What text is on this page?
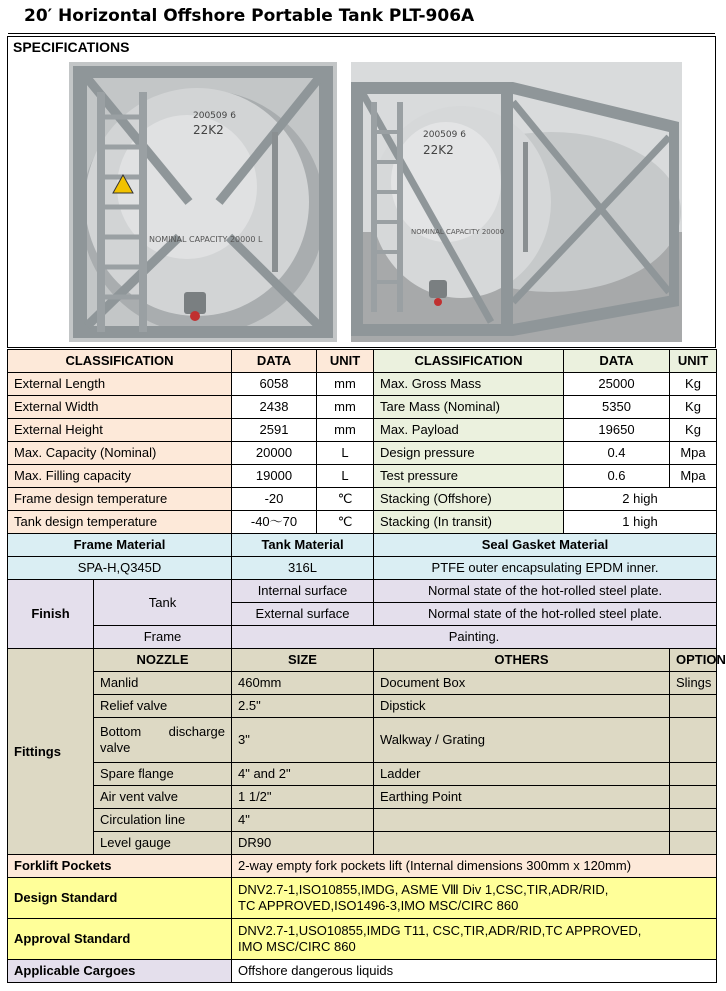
20′ Horizontal Offshore Portable Tank PLT-906A
SPECIFICATIONS
200509 6
22K2
NOMINAL CAPACITY 20000 L
200509 6
22K2
NOMINAL CAPACITY 20000
CLASSIFICATION		DATA	UNIT	CLASSIFICATION	DATA	UNIT
External Length		6058	mm	Max. Gross Mass	25000	Kg
External Width		2438	mm	Tare Mass (Nominal)	5350	Kg
External Height		2591	mm	Max. Payload	19650	Kg
Max. Capacity (Nominal)		20000	L	Design pressure	0.4	Mpa
Max. Filling capacity		19000	L	Test pressure	0.6	Mpa
Frame design temperature		-20	℃	Stacking (Offshore)	2 high	
Tank design temperature		-40～70	℃	Stacking (In transit)	1 high	
Frame Material		Tank Material		Seal Gasket Material		
SPA-H,Q345D		316L		PTFE outer encapsulating EPDM inner.		
Finish	Tank	Internal surface		Normal state of the hot-rolled steel plate.		
		External surface		Normal state of the hot-rolled steel plate.		
	Frame	Painting.				
Fittings	NOZZLE	SIZE		OTHERS		OPTION
	Manlid	460mm		Document Box		Slings
	Relief valve	2.5"		Dipstick		

	Bottom discharge
valve	3"		Walkway / Grating		
	Spare flange	4" and 2"		Ladder		
	Air vent valve	1 1/2"		Earthing Point		
	Circulation line	4"				
	Level gauge	DR90				
Forklift Pockets		2-way empty fork pockets lift (Internal dimensions 300mm x 120mm)				
Design Standard		DNV2.7-1,ISO10855,IMDG, ASME Ⅷ Div 1,CSC,TIR,ADR/RID,
TC APPROVED,ISO1496-3,IMO MSC/CIRC 860				

Approval Standard		DNV2.7-1,USO10855,IMDG T11, CSC,TIR,ADR/RID,TC APPROVED,
IMO MSC/CIRC 860				

Applicable Cargoes		Offshore dangerous liquids				
